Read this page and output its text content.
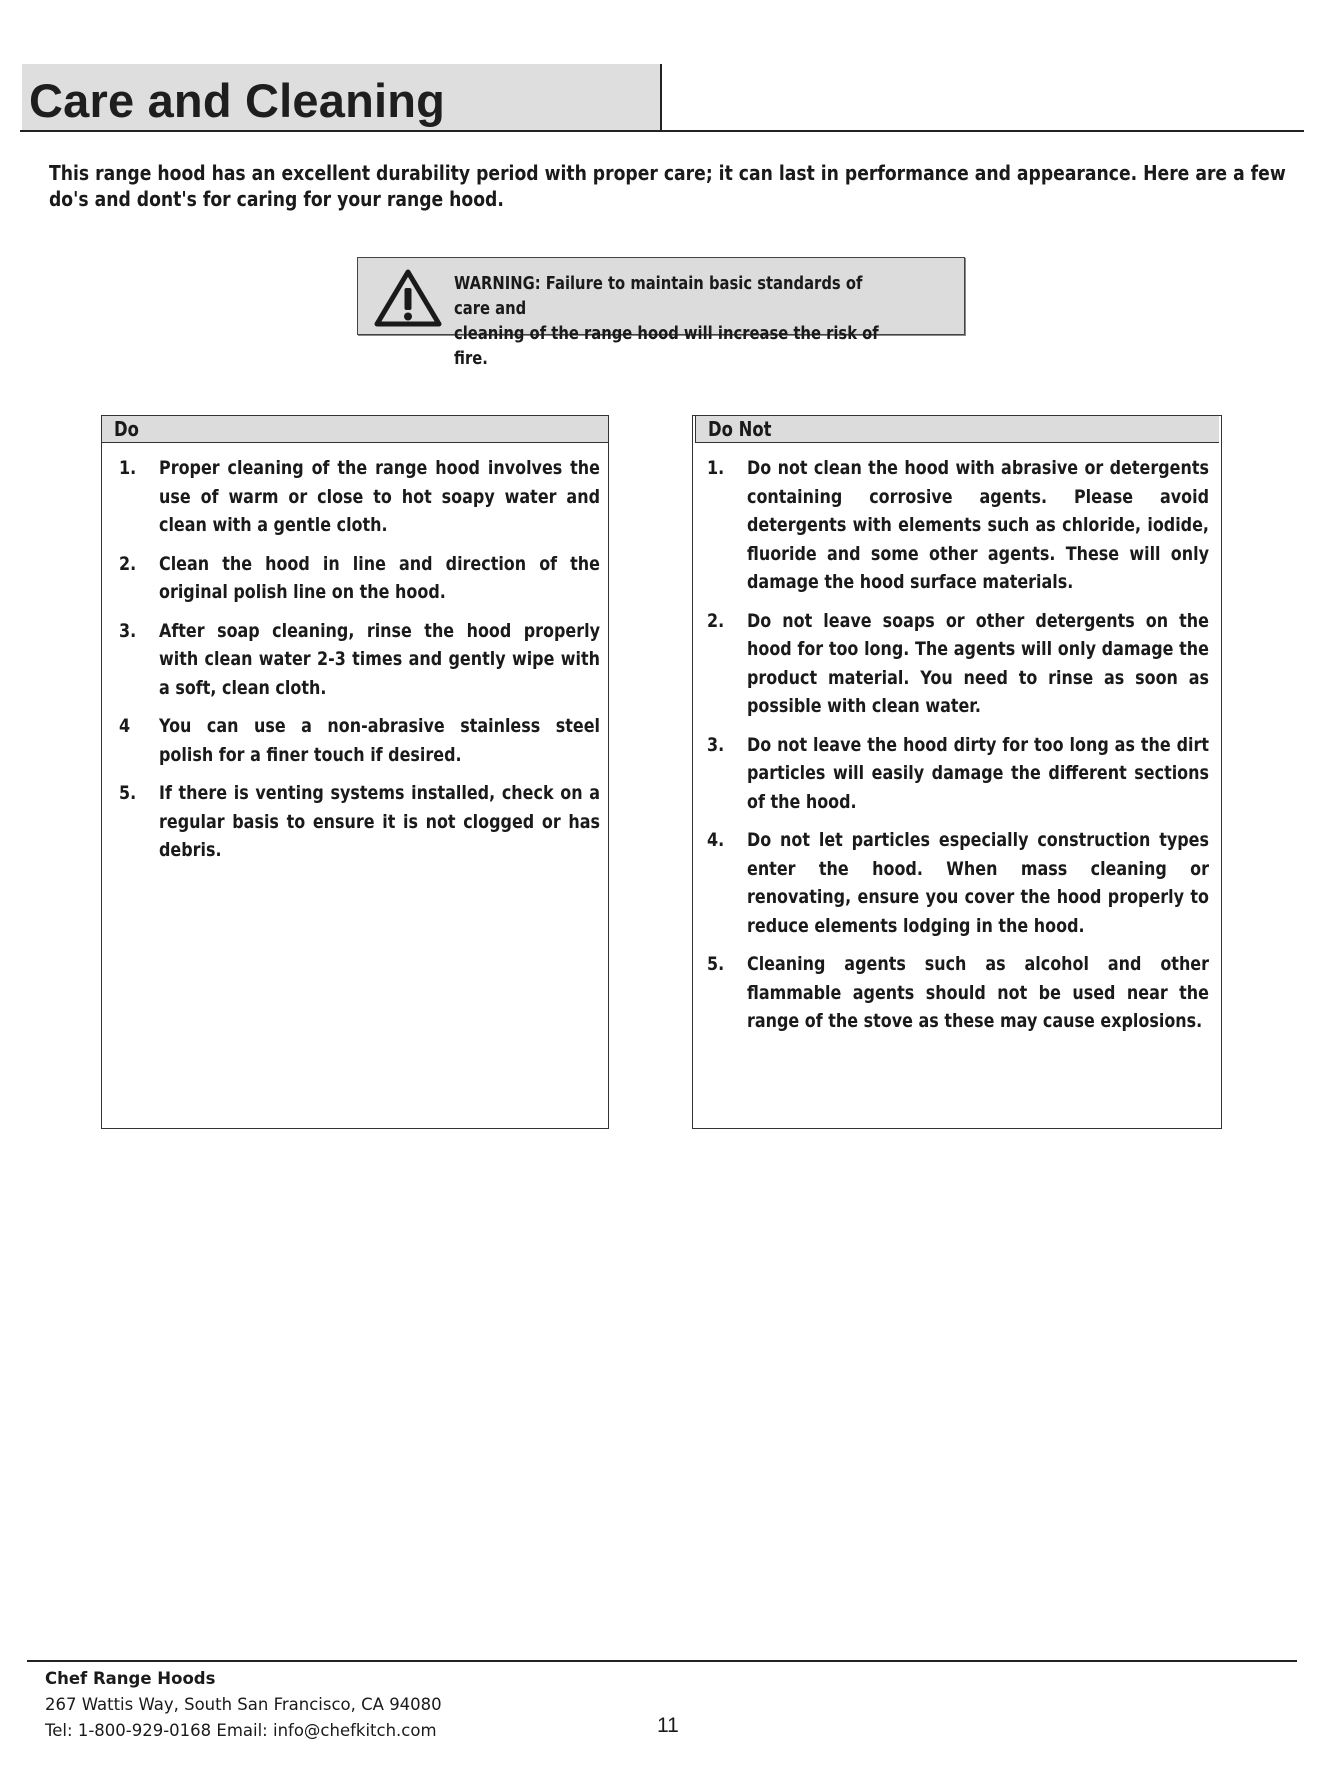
Care and Cleaning
This range hood has an excellent durability period with proper care; it can last in performance and appearance. Here are a few do's and dont's for caring for your range hood.
WARNING: Failure to maintain basic standards of care and
cleaning of the range hood will increase the risk of fire.
Do
1. Proper cleaning of the range hood involves the use of warm or close to hot soapy water and clean with a gentle cloth.
2. Clean the hood in line and direction of the original polish line on the hood.
3. After soap cleaning, rinse the hood properly with clean water 2-3 times and gently wipe with a soft, clean cloth.
4 You can use a non-abrasive stainless steel polish for a finer touch if desired.
5. If there is venting systems installed, check on a regular basis to ensure it is not clogged or has debris.
Do Not
1. Do not clean the hood with abrasive or detergents containing corrosive agents. Please avoid detergents with elements such as chloride, iodide, fluoride and some other agents. These will only damage the hood surface materials.
2. Do not leave soaps or other detergents on the hood for too long. The agents will only damage the product material. You need to rinse as soon as possible with clean water.
3. Do not leave the hood dirty for too long as the dirt particles will easily damage the different sections of the hood.
4. Do not let particles especially construction types enter the hood. When mass cleaning or renovating, ensure you cover the hood properly to reduce elements lodging in the hood.
5. Cleaning agents such as alcohol and other flammable agents should not be used near the range of the stove as these may cause explosions.
Chef Range Hoods
267 Wattis Way, South San Francisco, CA 94080
Tel: 1-800-929-0168 Email: info@chefkitch.com	11
